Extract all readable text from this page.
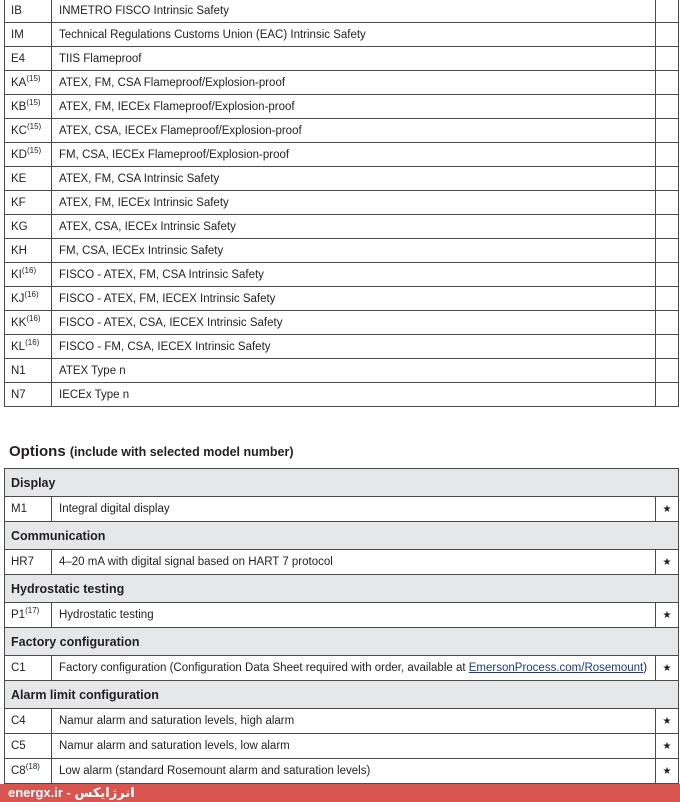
IB	INMETRO FISCO Intrinsic Safety	
IM	Technical Regulations Customs Union (EAC) Intrinsic Safety	
E4	TIIS Flameproof	
KA$^{(15)}$	ATEX, FM, CSA Flameproof/Explosion-proof	
KB$^{(15)}$	ATEX, FM, IECEx Flameproof/Explosion-proof	
KC$^{(15)}$	ATEX, CSA, IECEx Flameproof/Explosion-proof	
KD$^{(15)}$	FM, CSA, IECEx Flameproof/Explosion-proof	
KE	ATEX, FM, CSA Intrinsic Safety	
KF	ATEX, FM, IECEx Intrinsic Safety	
KG	ATEX, CSA, IECEx Intrinsic Safety	
KH	FM, CSA, IECEx Intrinsic Safety	
KI$^{(16)}$	FISCO - ATEX, FM, CSA Intrinsic Safety	
KJ$^{(16)}$	FISCO - ATEX, FM, IECEX Intrinsic Safety	
KK$^{(16)}$	FISCO - ATEX, CSA, IECEX Intrinsic Safety	
KL$^{(16)}$	FISCO - FM, CSA, IECEX Intrinsic Safety	
N1	ATEX Type n	
N7	IECEx Type n	
Options (include with selected model number)
Display		
M1	Integral digital display	★
Communication		
HR7	4–20 mA with digital signal based on HART 7 protocol	★
Hydrostatic testing		
P1$^{(17)}$	Hydrostatic testing	★
Factory configuration		
C1	Factory configuration (Configuration Data Sheet required with order, available at EmersonProcess.com/Rosemount)	★
Alarm limit configuration		
C4	Namur alarm and saturation levels, high alarm	★
C5	Namur alarm and saturation levels, low alarm	★
C8$^{(18)}$	Low alarm (standard Rosemount alarm and saturation levels)	★
energx.ir - انرژایکس
